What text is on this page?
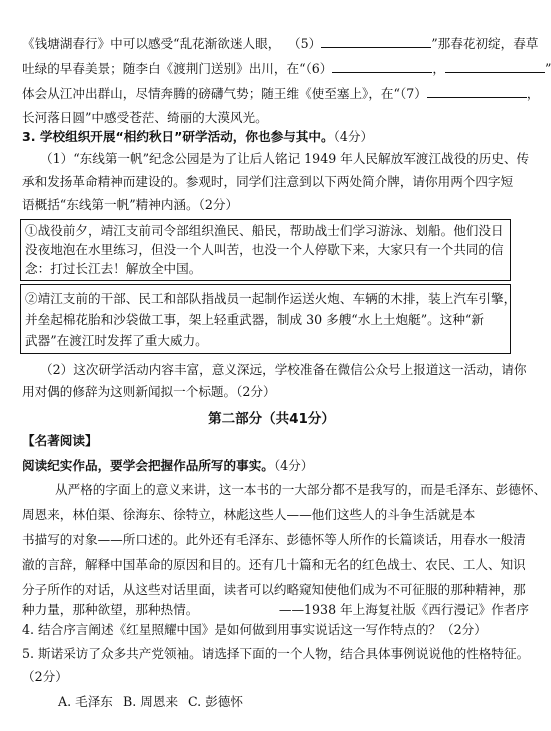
《钱塘湖春行》中可以感受“乱花渐欲迷人眼， （5）	”那春花初绽，春草
吐绿的早春美景；随李白《渡荆门送别》出川，在“（6）	，	”
体会从江冲出群山，尽情奔腾的磅礴气势；随王维《使至塞上》，在“（7）	，
长河落日圆”中感受苍茫、绮丽的大漠风光。
3. 学校组织开展“相约秋日”研学活动，你也参与其中。（4分）
（1）“东线第一帆”纪念公园是为了让后人铭记 1949 年人民解放军渡江战役的历史、传
承和发扬革命精神而建设的。参观时，同学们注意到以下两处简介牌，请你用两个四字短
语概括“东线第一帆”精神内涵。（2分）
①战役前夕，靖江支前司令部组织渔民、船民，帮助战士们学习游泳、划船。他们没日
没夜地泡在水里练习，但没一个人叫苦，也没一个人停歇下来，大家只有一个共同的信
念：打过长江去！解放全中国。
②靖江支前的干部、民工和部队指战员一起制作运送火炮、车辆的木排，装上汽车引擎，
并垒起棉花胎和沙袋做工事，架上轻重武器，制成 30 多艘“水上土炮艇”。这种“新
武器”在渡江时发挥了重大威力。
（2）这次研学活动内容丰富，意义深远，学校准备在微信公众号上报道这一活动，请你
用对偶的修辞为这则新闻拟一个标题。（2分）
第二部分（共41分）
【名著阅读】
阅读纪实作品，要学会把握作品所写的事实。（4分）
从严格的字面上的意义来讲，这一本书的一大部分都不是我写的，而是毛泽东、彭德怀、
周恩来，林伯渠、徐海东、徐特立，林彪这些人——他们这些人的斗争生活就是本
书描写的对象——所口述的。此外还有毛泽东、彭德怀等人所作的长篇谈话，用春水一般清
澈的言辞，解释中国革命的原因和目的。还有几十篇和无名的红色战士、农民、工人、知识
分子所作的对话，从这些对话里面，读者可以约略窥知使他们成为不可征服的那种精神，那
种力量，那种欲望，那种热情。	——1938 年上海复社版《西行漫记》作者序
4. 结合序言阐述《红星照耀中国》是如何做到用事实说话这一写作特点的？（2分）
5. 斯诺采访了众多共产党领袖。请选择下面的一个人物，结合具体事例说说他的性格特征。
（2分）
A. 毛泽东 B. 周恩来 C. 彭德怀
